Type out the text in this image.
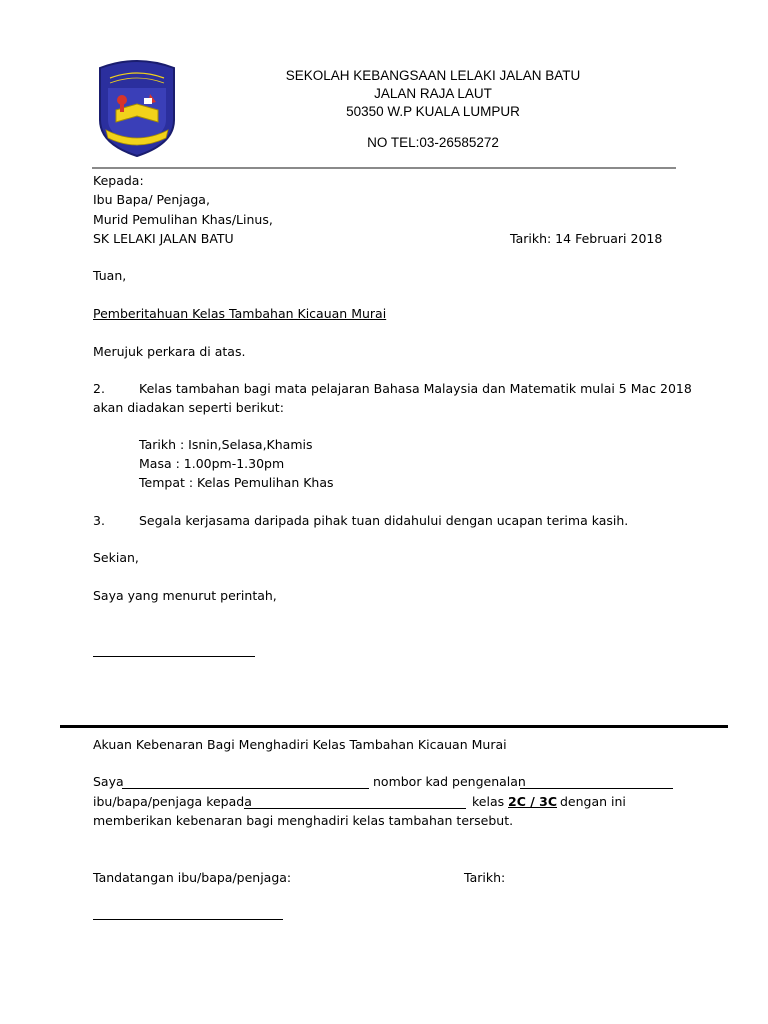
SEKOLAH KEBANGSAAN LELAKI JALAN BATU
JALAN RAJA LAUT
50350 W.P KUALA LUMPUR
NO TEL:03-26585272
Kepada:
Ibu Bapa/ Penjaga,
Murid Pemulihan Khas/Linus,
SK LELAKI JALAN BATU	Tarikh: 14 Februari 2018
Tuan,
Pemberitahuan Kelas Tambahan Kicauan Murai
Merujuk perkara di atas.
2.	Kelas tambahan bagi mata pelajaran Bahasa Malaysia dan Matematik mulai 5 Mac 2018
akan diadakan seperti berikut:
Tarikh : Isnin,Selasa,Khamis
Masa : 1.00pm-1.30pm
Tempat : Kelas Pemulihan Khas
3.	Segala kerjasama daripada pihak tuan didahului dengan ucapan terima kasih.
Sekian,
Saya yang menurut perintah,
Akuan Kebenaran Bagi Menghadiri Kelas Tambahan Kicauan Murai
Saya	nombor kad pengenalan
ibu/bapa/penjaga kepada	kelas 2C / 3C dengan ini
memberikan kebenaran bagi menghadiri kelas tambahan tersebut.
Tandatangan ibu/bapa/penjaga:	Tarikh:
